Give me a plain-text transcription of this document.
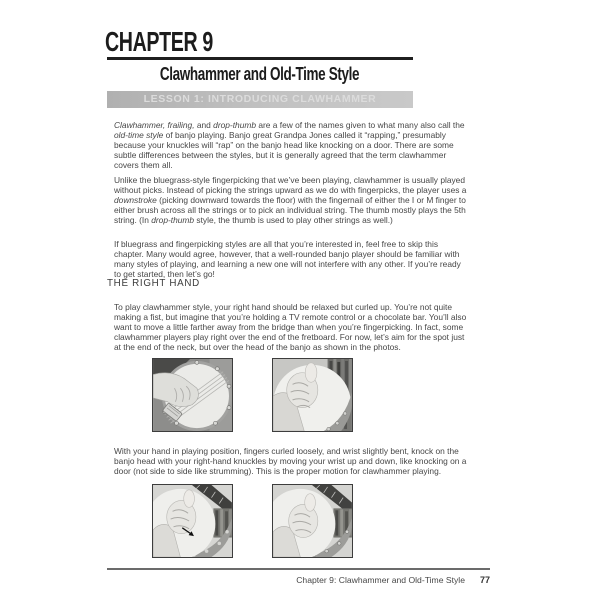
CHAPTER 9
Clawhammer and Old-Time Style
LESSON 1: INTRODUCING CLAWHAMMER

Clawhammer, frailing, and drop-thumb are a few of the names given to what many also call the old-time style of banjo playing. Banjo great Grandpa Jones called it “rapping,” presumably because your knuckles will “rap” on the banjo head like knocking on a door. There are some subtle differences between the styles, but it is generally agreed that the term clawhammer covers them all.

Unlike the bluegrass-style fingerpicking that we’ve been playing, clawhammer is usually played without picks. Instead of picking the strings upward as we do with fingerpicks, the player uses a downstroke (picking downward towards the floor) with the fingernail of either the I or M finger to either brush across all the strings or to pick an individual string. The thumb mostly plays the 5th string. (In drop-thumb style, the thumb is used to play other strings as well.)

If bluegrass and fingerpicking styles are all that you’re interested in, feel free to skip this chapter. Many would agree, however, that a well-rounded banjo player should be familiar with many styles of playing, and learning a new one will not interfere with any other. If you’re ready to get started, then let’s go!

THE RIGHT HAND

To play clawhammer style, your right hand should be relaxed but curled up. You’re not quite making a fist, but imagine that you’re holding a TV remote control or a chocolate bar. You’ll also want to move a little farther away from the bridge than when you’re fingerpicking. In fact, some clawhammer players play right over the end of the fretboard. For now, let’s aim for the spot just at the end of the neck, but over the head of the banjo as shown in the photos.

With your hand in playing position, fingers curled loosely, and wrist slightly bent, knock on the banjo head with your right-hand knuckles by moving your wrist up and down, like knocking on a door (not side to side like strumming). This is the proper motion for clawhammer playing.

Chapter 9: Clawhammer and Old-Time Style 77
